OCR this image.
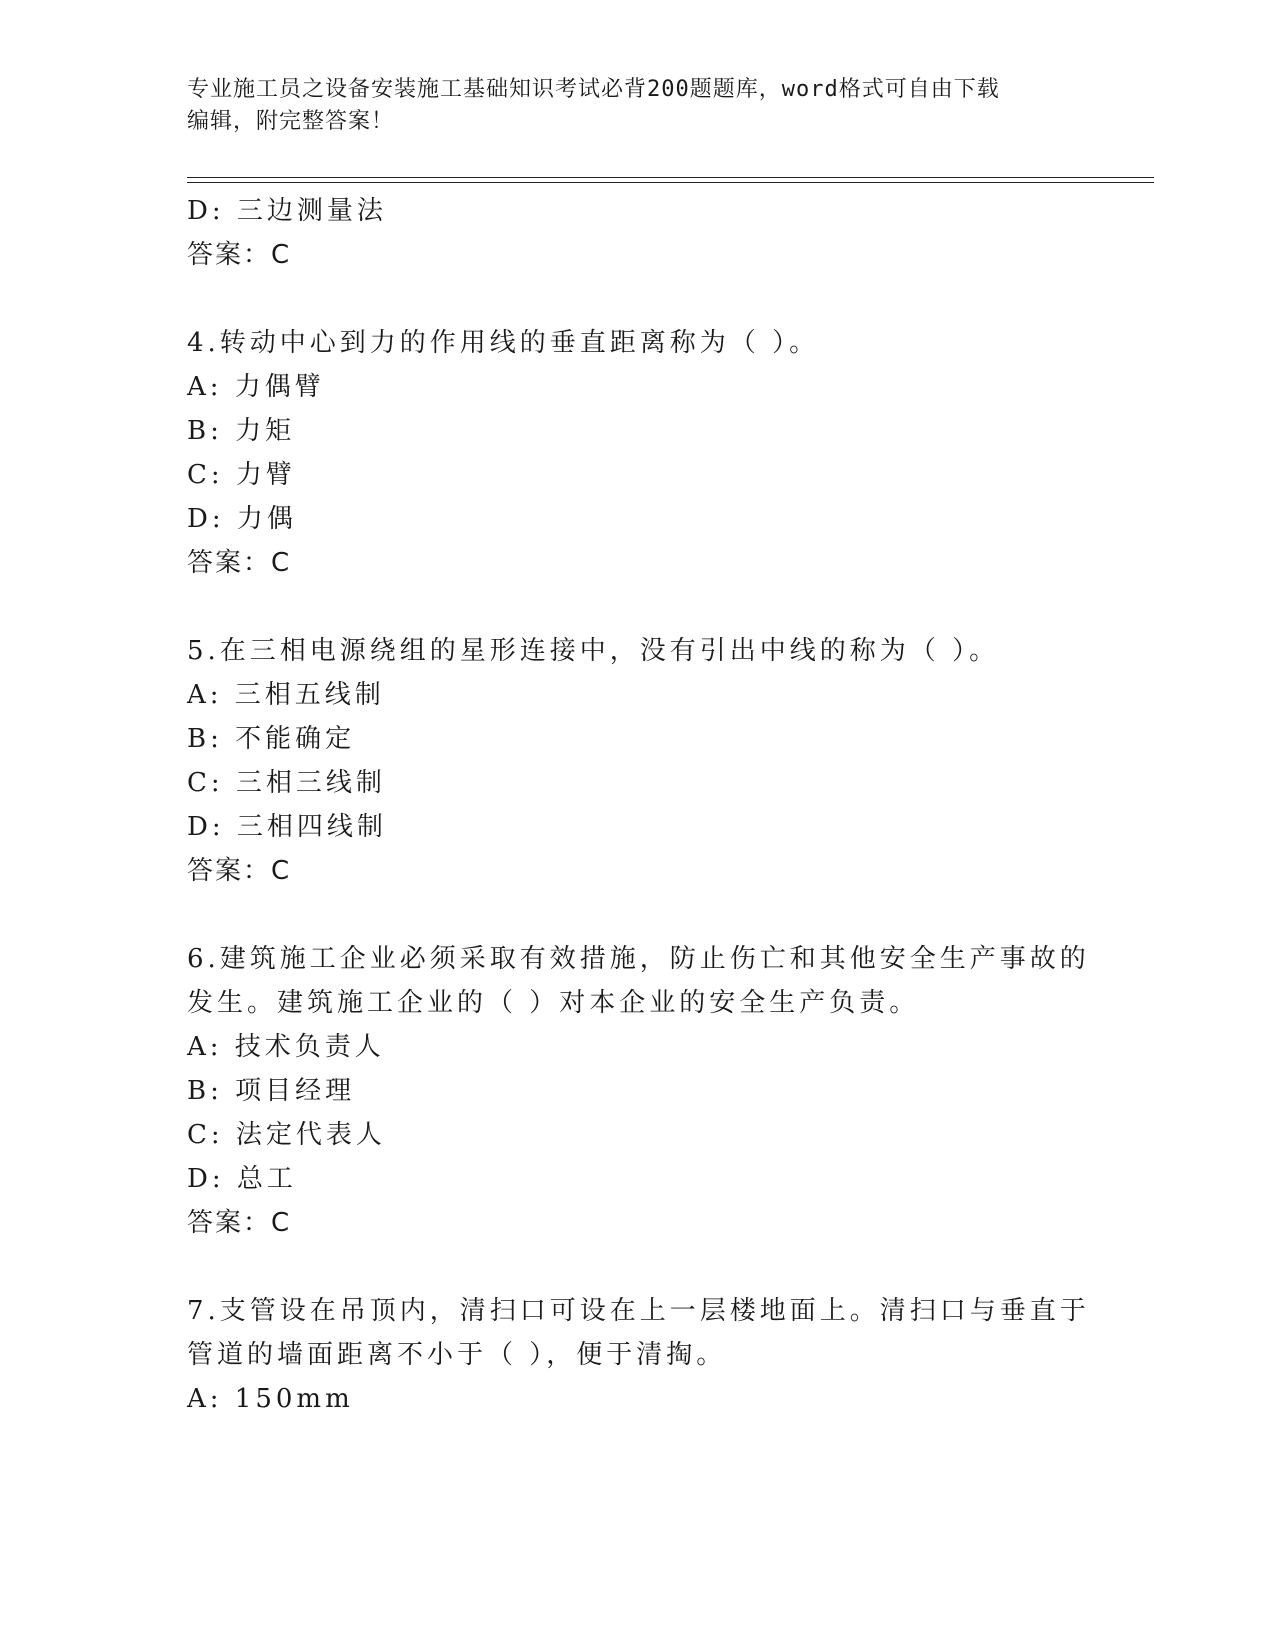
专业施工员之设备安装施工基础知识考试必背200题题库，word格式可自由下载
编辑，附完整答案！
D: 三边测量法
答案：C
4.转动中心到力的作用线的垂直距离称为（ ）。
A: 力偶臂
B: 力矩
C: 力臂
D: 力偶
答案：C
5.在三相电源绕组的星形连接中，没有引出中线的称为（ ）。
A: 三相五线制
B: 不能确定
C: 三相三线制
D: 三相四线制
答案：C
6.建筑施工企业必须采取有效措施，防止伤亡和其他安全生产事故的
发生。建筑施工企业的（ ）对本企业的安全生产负责。
A: 技术负责人
B: 项目经理
C: 法定代表人
D: 总工
答案：C
7.支管设在吊顶内，清扫口可设在上一层楼地面上。清扫口与垂直于
管道的墙面距离不小于（ ），便于清掏。
A: 150mm
